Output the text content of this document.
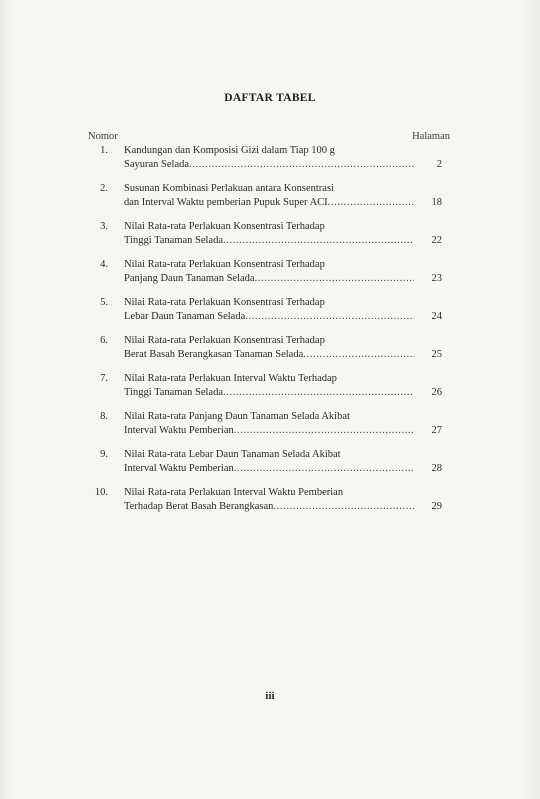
DAFTAR TABEL
Nomor	Halaman
1. Kandungan dan Komposisi Gizi dalam Tiap 100 g
Sayuran Selada .....	2
2. Susunan Kombinasi Perlakuan antara Konsentrasi
dan Interval Waktu pemberian Pupuk Super ACI .....	18
3. Nilai Rata-rata Perlakuan Konsentrasi Terhadap
Tinggi Tanaman Selada .....	22
4. Nilai Rata-rata Perlakuan Konsentrasi Terhadap
Panjang Daun Tanaman Selada .....	23
5. Nilai Rata-rata Perlakuan Konsentrasi Terhadap
Lebar Daun Tanaman Selada .....	24
6. Nilai Rata-rata Perlakuan Konsentrasi Terhadap
Berat Basah Berangkasan Tanaman Selada .....	25
7. Nilai Rata-rata Perlakuan Interval Waktu Terhadap
Tinggi Tanaman Selada .....	26
8. Nilai Rata-rata Panjang Daun Tanaman Selada Akibat
Interval Waktu Pemberian .....	27
9. Nilai Rata-rata Lebar Daun Tanaman Selada Akibat
Interval Waktu Pemberian .....	28
10. Nilai Rata-rata Perlakuan Interval Waktu Pemberian
Terhadap Berat Basah Berangkasan .....	29
iii
